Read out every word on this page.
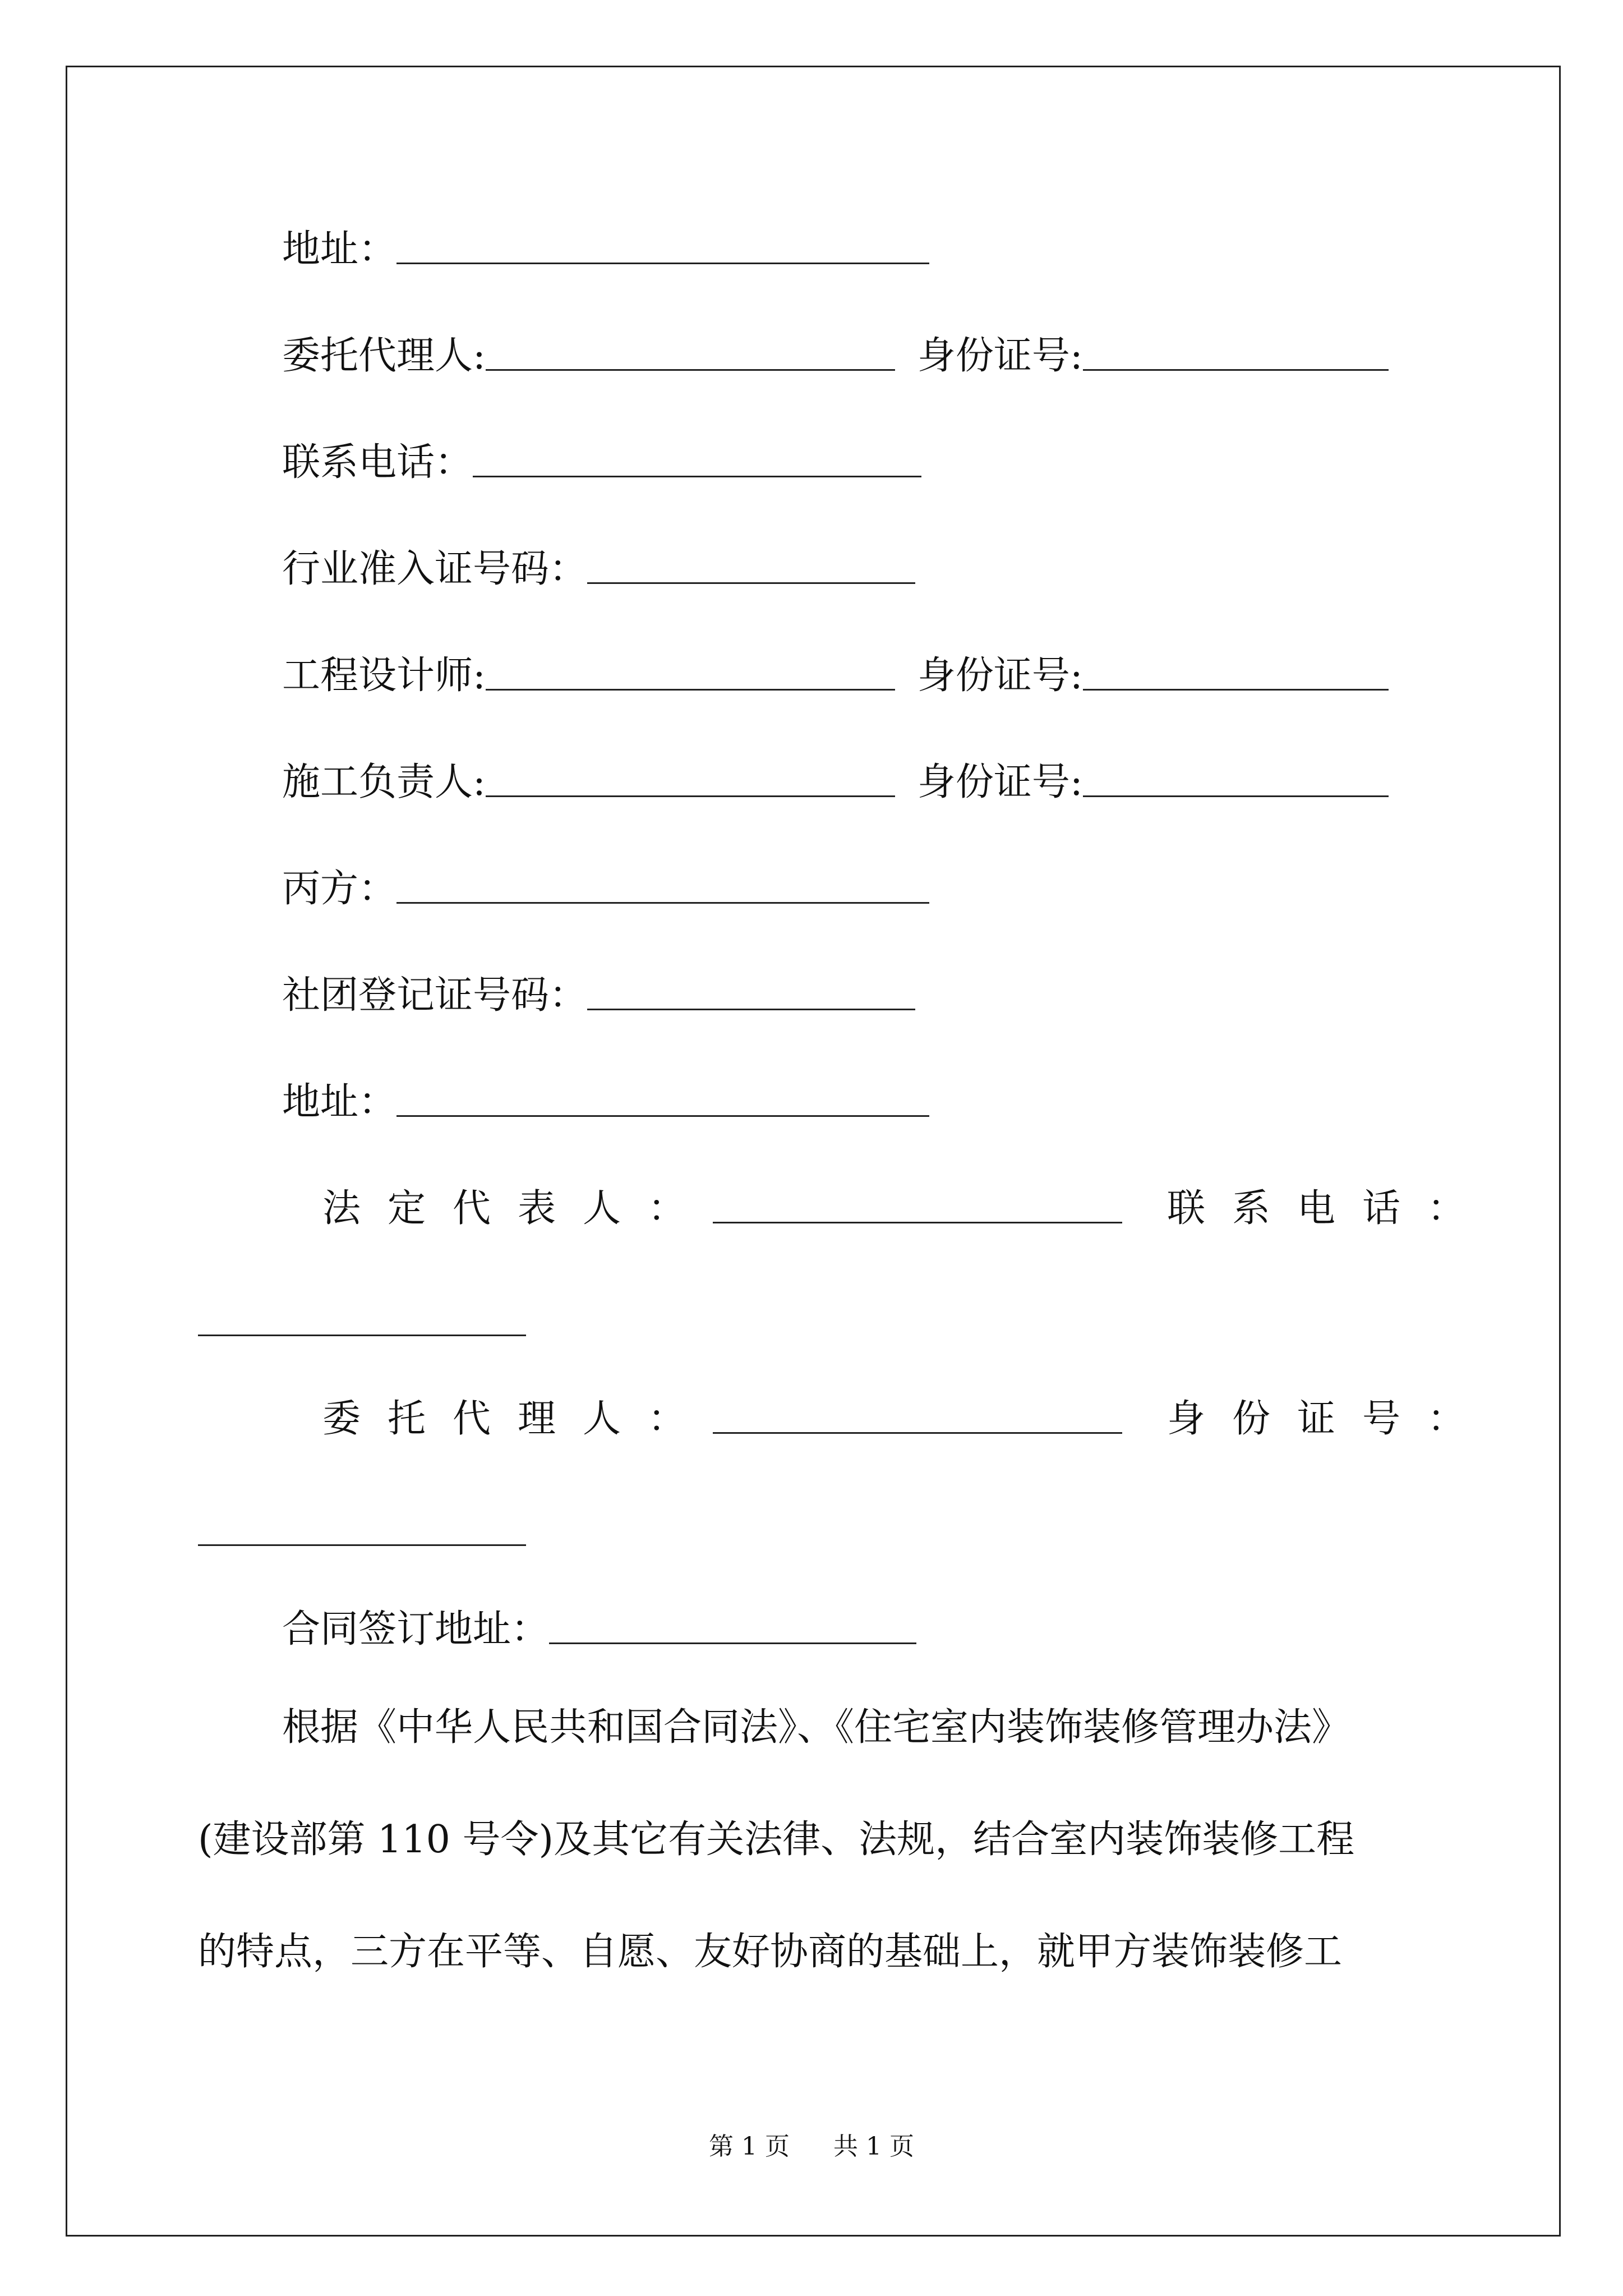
地址：
委托代理人:	身份证号:
联系电话：
行业准入证号码：
工程设计师:	身份证号:
施工负责人:	身份证号:
丙方：
社团登记证号码：
地址：
法定代表人：	联系电话：
委托代理人：	身份证号：
合同签订地址：
根据《中华人民共和国合同法》、《住宅室内装饰装修管理办法》
(建设部第 110 号令)及其它有关法律、法规，结合室内装饰装修工程
的特点，三方在平等、自愿、友好协商的基础上，就甲方装饰装修工
第 1 页 共 1 页
